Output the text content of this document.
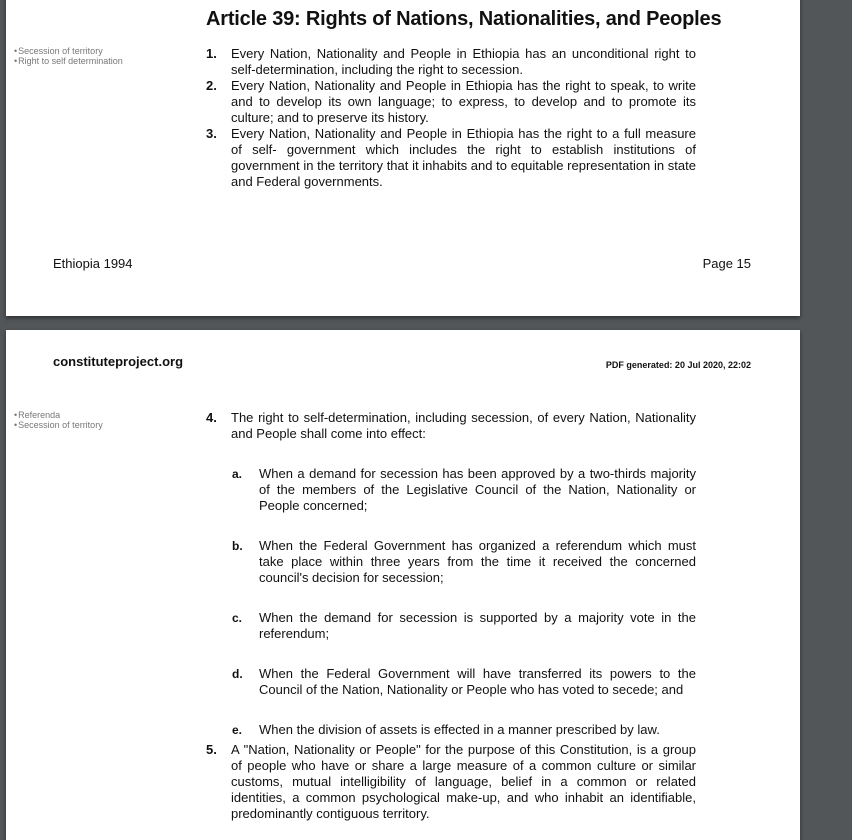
• Secession of territory
• Right to self determination
Article 39: Rights of Nations, Nationalities, and Peoples
1. Every Nation, Nationality and People in Ethiopia has an unconditional right to self-determination, including the right to secession.
2. Every Nation, Nationality and People in Ethiopia has the right to speak, to write and to develop its own language; to express, to develop and to promote its culture; and to preserve its history.
3. Every Nation, Nationality and People in Ethiopia has the right to a full measure of self- government which includes the right to establish institutions of government in the territory that it inhabits and to equitable representation in state and Federal governments.
Ethiopia 1994	Page 15
constituteproject.org	PDF generated: 20 Jul 2020, 22:02
• Referenda
• Secession of territory	4. The right to self-determination, including secession, of every Nation, Nationality and People shall come into effect:
a. When a demand for secession has been approved by a two-thirds majority of the members of the Legislative Council of the Nation, Nationality or People concerned;
b. When the Federal Government has organized a referendum which must take place within three years from the time it received the concerned council's decision for secession;
c. When the demand for secession is supported by a majority vote in the referendum;
d. When the Federal Government will have transferred its powers to the Council of the Nation, Nationality or People who has voted to secede; and
e. When the division of assets is effected in a manner prescribed by law.
5. A "Nation, Nationality or People" for the purpose of this Constitution, is a group of people who have or share a large measure of a common culture or similar customs, mutual intelligibility of language, belief in a common or related identities, a common psychological make-up, and who inhabit an identifiable, predominantly contiguous territory.
